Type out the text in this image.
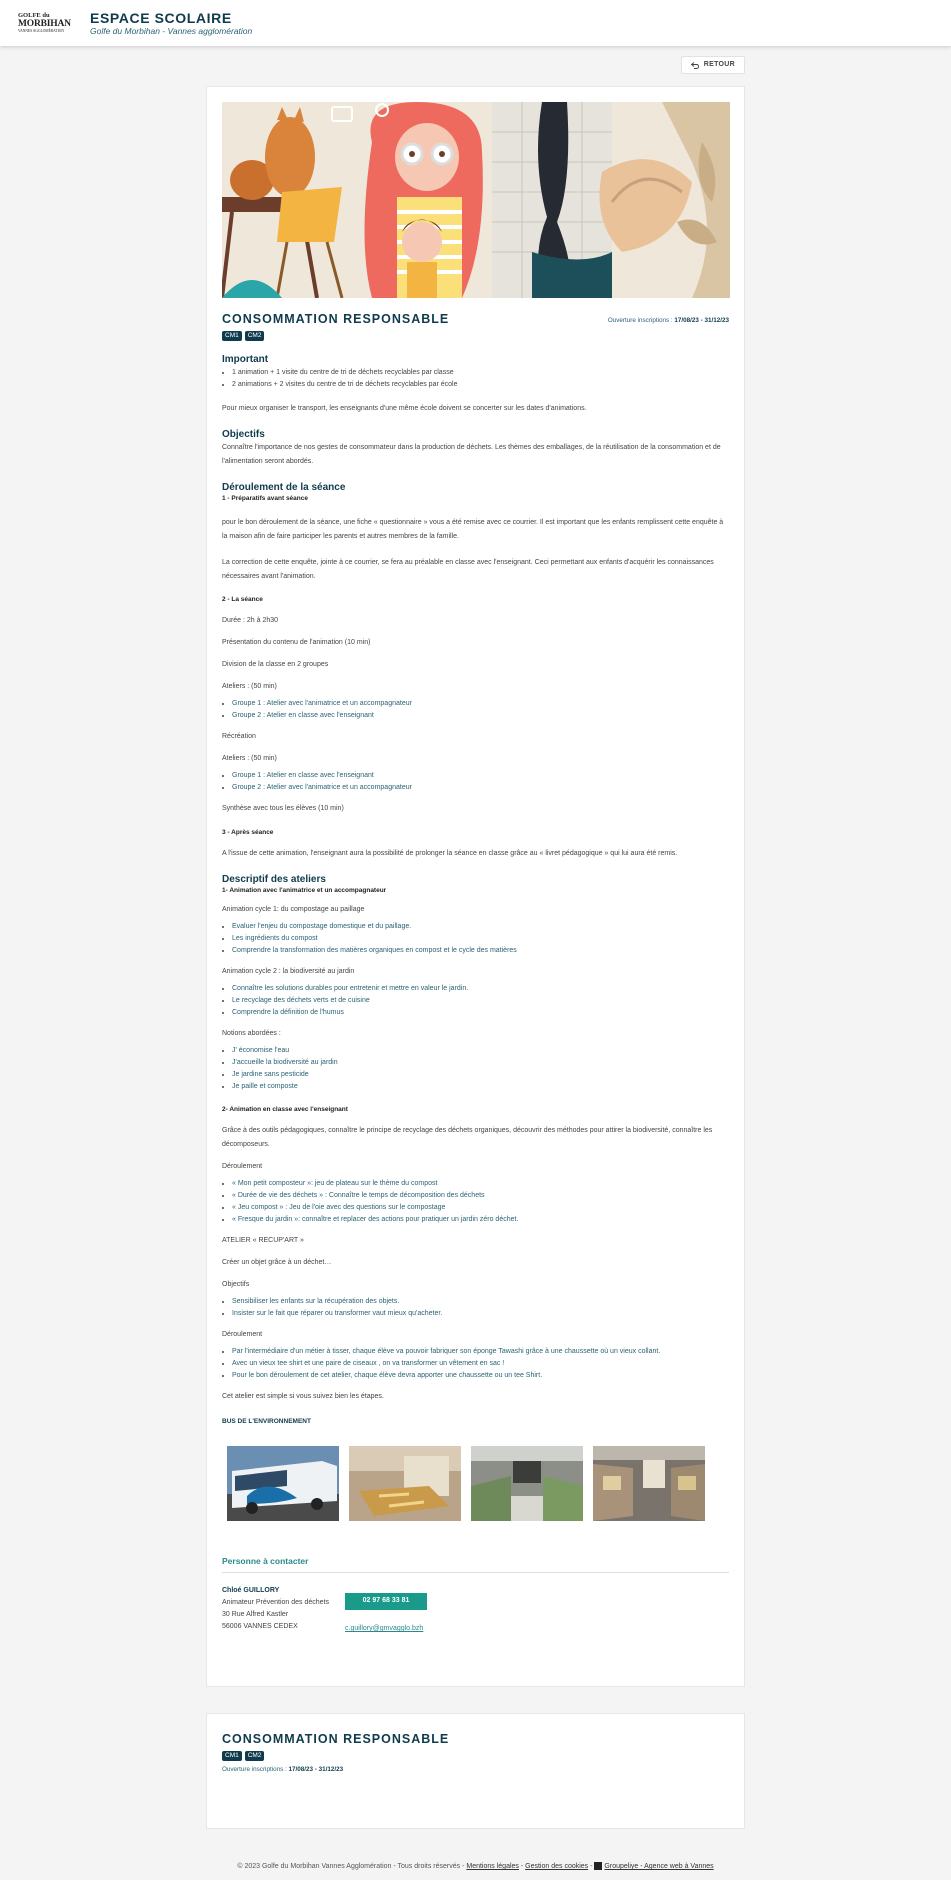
GOLFE du
MORBIHAN
VANNES AGGLOMÉRATION
ESPACE SCOLAIRE
Golfe du Morbihan - Vannes agglomération
RETOUR
CONSOMMATION RESPONSABLE
CM1	CM2
Ouverture inscriptions : 17/08/23 - 31/12/23
Important
• 1 animation + 1 visite du centre de tri de déchets recyclables par classe
• 2 animations + 2 visites du centre de tri de déchets recyclables par école

Pour mieux organiser le transport, les enseignants d'une même école doivent se concerter sur les dates d'animations.

Objectifs

Connaître l'importance de nos gestes de consommateur dans la production de déchets. Les thèmes des emballages, de la réutilisation de la consommation et de l'alimentation seront abordés.

Déroulement de la séance
1 - Préparatifs avant séance

pour le bon déroulement de la séance, une fiche « questionnaire » vous a été remise avec ce courrier. Il est important que les enfants remplissent cette enquête à la maison afin de faire participer les parents et autres membres de la famille.

La correction de cette enquête, jointe à ce courrier, se fera au préalable en classe avec l'enseignant. Ceci permettant aux enfants d'acquérir les connaissances nécessaires avant l'animation.

2 - La séance

Durée : 2h à 2h30

Présentation du contenu de l'animation (10 min)

Division de la classe en 2 groupes

Ateliers : (50 min)

• Groupe 1 : Atelier avec l'animatrice et un accompagnateur
• Groupe 2 : Atelier en classe avec l'enseignant

Récréation

Ateliers : (50 min)

• Groupe 1 : Atelier en classe avec l'enseignant
• Groupe 2 : Atelier avec l'animatrice et un accompagnateur

Synthèse avec tous les élèves (10 min)

3 - Après séance

A l'issue de cette animation, l'enseignant aura la possibilité de prolonger la séance en classe grâce au « livret pédagogique » qui lui aura été remis.

Descriptif des ateliers
1- Animation avec l'animatrice et un accompagnateur

Animation cycle 1: du compostage au paillage

• Evaluer l'enjeu du compostage domestique et du paillage.
• Les ingrédients du compost
• Comprendre la transformation des matières organiques en compost et le cycle des matières

Animation cycle 2 : la biodiversité au jardin

• Connaître les solutions durables pour entretenir et mettre en valeur le jardin.
• Le recyclage des déchets verts et de cuisine
• Comprendre la définition de l'humus

Notions abordées :

• J' économise l'eau
• J'accueille la biodiversité au jardin
• Je jardine sans pesticide
• Je paille et composte
2- Animation en classe avec l'enseignant

Grâce à des outils pédagogiques, connaître le principe de recyclage des déchets organiques, découvrir des méthodes pour attirer la biodiversité, connaître les décomposeurs.

Déroulement

• « Mon petit composteur »: jeu de plateau sur le thème du compost
• « Durée de vie des déchets » : Connaître le temps de décomposition des déchets
• « Jeu compost » : Jeu de l'oie avec des questions sur le compostage
• « Fresque du jardin »: connaître et replacer des actions pour pratiquer un jardin zéro déchet.

ATELIER « RECUP'ART »

Créer un objet grâce à un déchet…

Objectifs

• Sensibiliser les enfants sur la récupération des objets.
• Insister sur le fait que réparer ou transformer vaut mieux qu'acheter.

Déroulement

• Par l'intermédiaire d'un métier à tisser, chaque élève va pouvoir fabriquer son éponge Tawashi grâce à une chaussette où un vieux collant.
• Avec un vieux tee shirt et une paire de ciseaux , on va transformer un vêtement en sac !
• Pour le bon déroulement de cet atelier, chaque élève devra apporter une chaussette ou un tee Shirt.

Cet atelier est simple si vous suivez bien les étapes.

BUS DE L'ENVIRONNEMENT
Personne à contacter
Chloé GUILLORY
Animateur Prévention des déchets
30 Rue Alfred Kastler
56006 VANNES CEDEX
02 97 68 33 81
c.guillory@gmvagglo.bzh
CONSOMMATION RESPONSABLE
CM1	CM2
Ouverture inscriptions : 17/08/23 - 31/12/23
© 2023 Golfe du Morbihan Vannes Agglomération - Tous droits réservés - Mentions légales - Gestion des cookies - Groupeliye - Agence web à Vannes
